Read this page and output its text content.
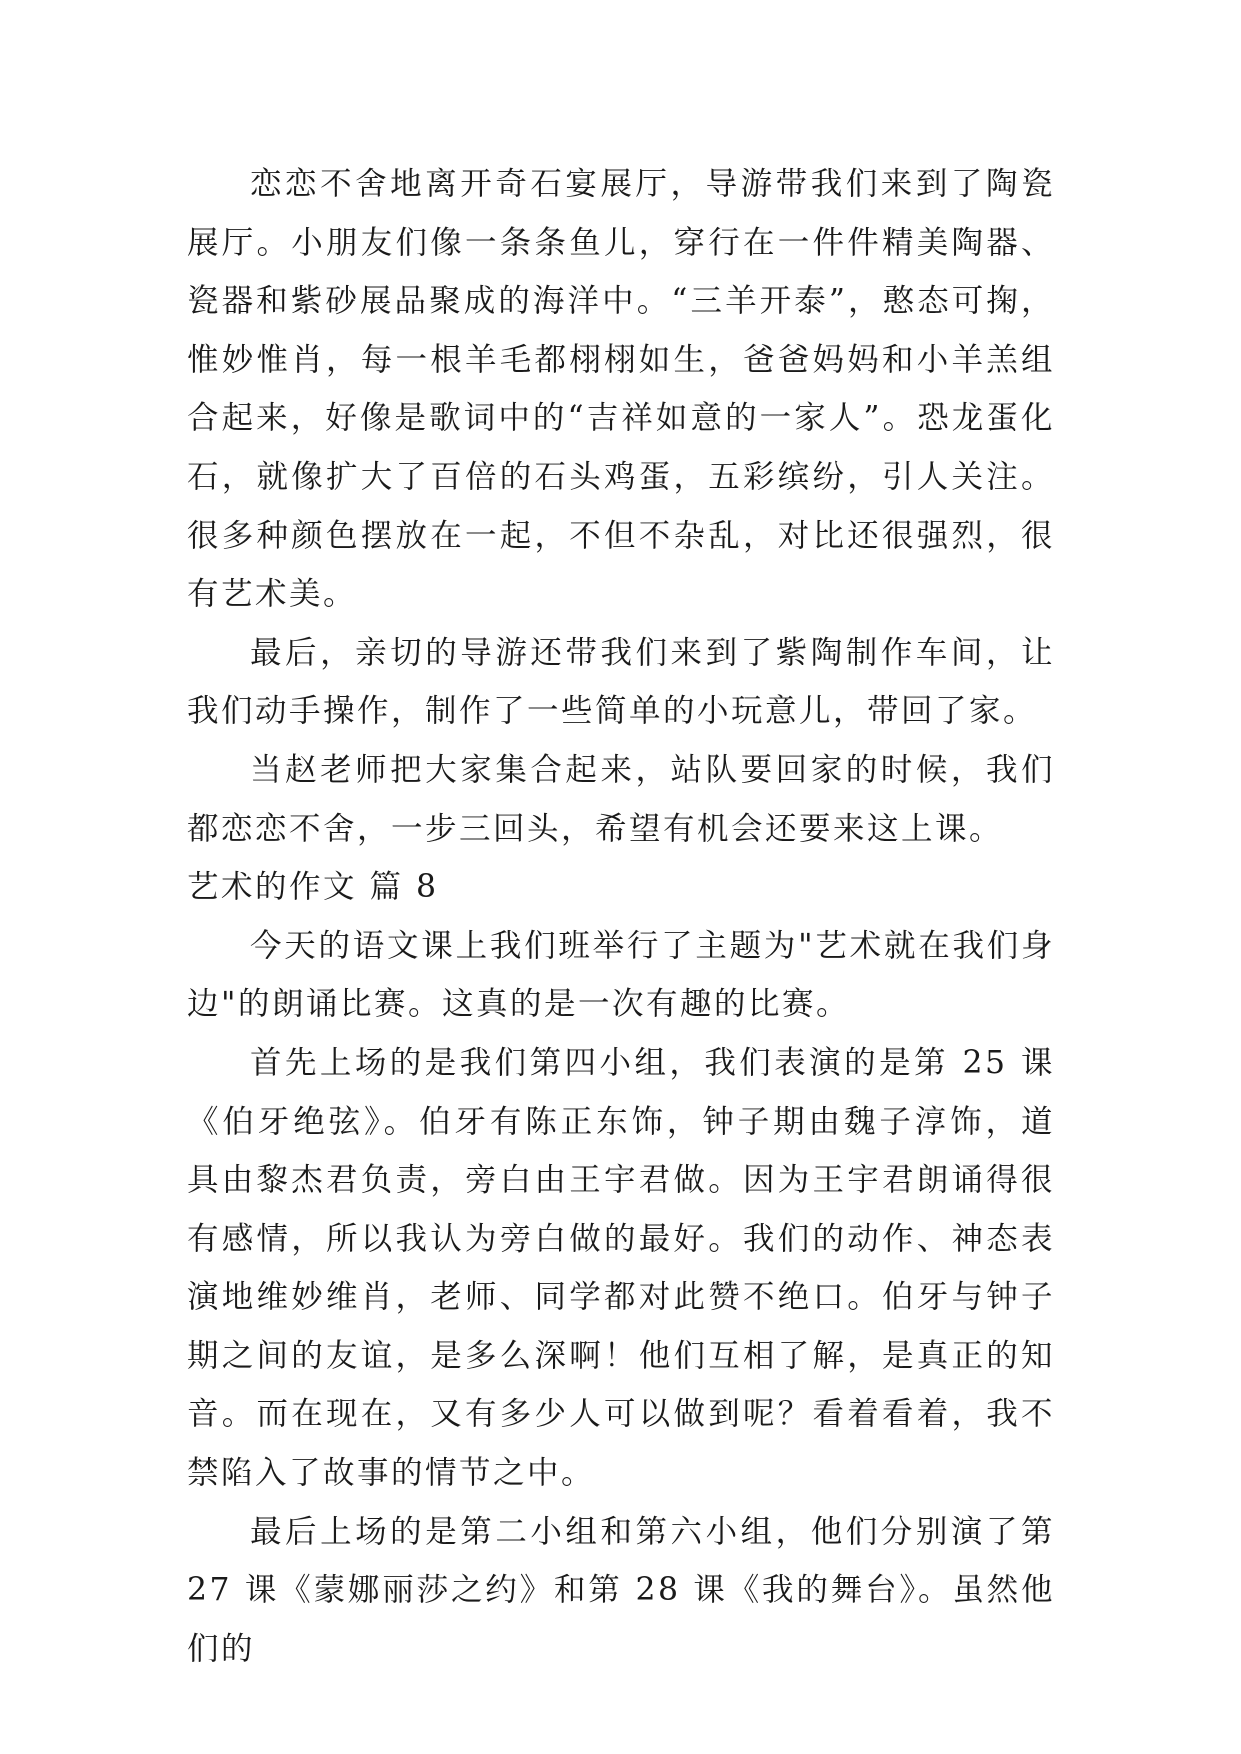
恋恋不舍地离开奇石宴展厅，导游带我们来到了陶瓷展厅。小朋友们像一条条鱼儿，穿行在一件件精美陶器、瓷器和紫砂展品聚成的海洋中。“三羊开泰”，憨态可掬，惟妙惟肖，每一根羊毛都栩栩如生，爸爸妈妈和小羊羔组合起来，好像是歌词中的“吉祥如意的一家人”。恐龙蛋化石，就像扩大了百倍的石头鸡蛋，五彩缤纷，引人关注。很多种颜色摆放在一起，不但不杂乱，对比还很强烈，很有艺术美。

最后，亲切的导游还带我们来到了紫陶制作车间，让我们动手操作，制作了一些简单的小玩意儿，带回了家。

当赵老师把大家集合起来，站队要回家的时候，我们都恋恋不舍，一步三回头，希望有机会还要来这上课。

艺术的作文 篇 8

今天的语文课上我们班举行了主题为"艺术就在我们身边"的朗诵比赛。这真的是一次有趣的比赛。

首先上场的是我们第四小组，我们表演的是第 25 课《伯牙绝弦》。伯牙有陈正东饰，钟子期由魏子淳饰，道具由黎杰君负责，旁白由王宇君做。因为王宇君朗诵得很有感情，所以我认为旁白做的最好。我们的动作、神态表演地维妙维肖，老师、同学都对此赞不绝口。伯牙与钟子期之间的友谊，是多么深啊！他们互相了解，是真正的知音。而在现在，又有多少人可以做到呢？看着看着，我不禁陷入了故事的情节之中。

最后上场的是第二小组和第六小组，他们分别演了第 27 课《蒙娜丽莎之约》和第 28 课《我的舞台》。虽然他们的
